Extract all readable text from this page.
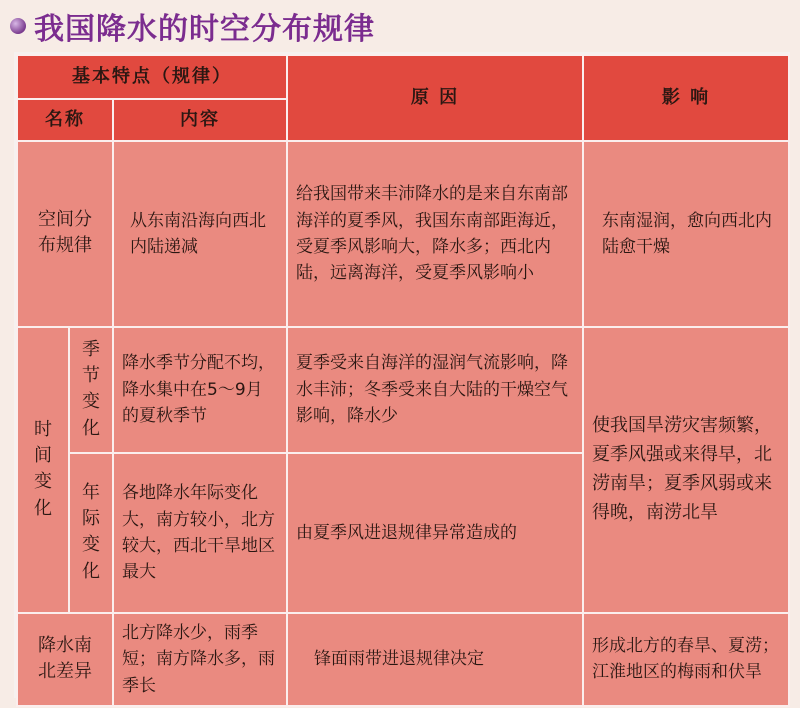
我国降水的时空分布规律
基本特点（规律）			原 因	影 响
名称		内容		
空间分布规律		从东南沿海向西北内陆递减	给我国带来丰沛降水的是来自东南部海洋的夏季风，我国东南部距海近，受夏季风影响大，降水多；西北内陆，远离海洋，受夏季风影响小	东南湿润，愈向西北内陆愈干燥
时间变化	季节变化	降水季节分配不均，降水集中在5～9月的夏秋季节	夏季受来自海洋的湿润气流影响，降水丰沛；冬季受来自大陆的干燥空气影响，降水少	使我国旱涝灾害频繁，夏季风强或来得早，北涝南旱；夏季风弱或来得晚，南涝北旱
	年际变化	各地降水年际变化大，南方较小，北方较大，西北干旱地区最大	由夏季风进退规律异常造成的	
降水南北差异		北方降水少，雨季短；南方降水多，雨季长	锋面雨带进退规律决定	形成北方的春旱、夏涝；江淮地区的梅雨和伏旱
